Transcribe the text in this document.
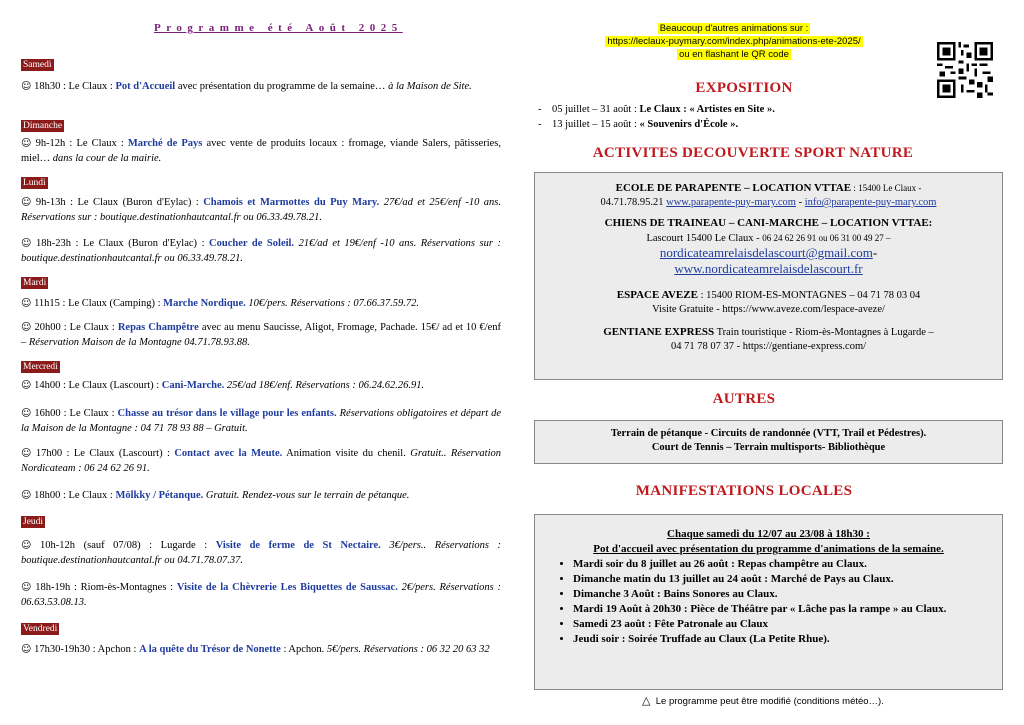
Programme été Août 2025
Samedi
☺ 18h30 : Le Claux : Pot d'Accueil avec présentation du programme de la semaine… à la Maison de Site.
Dimanche
☺ 9h-12h : Le Claux : Marché de Pays avec vente de produits locaux : fromage, viande Salers, pâtisseries, miel… dans la cour de la mairie.
Lundi
☺ 9h-13h : Le Claux (Buron d'Eylac) : Chamois et Marmottes du Puy Mary. 27€/ad et 25€/enf -10 ans. Réservations sur : boutique.destinationhautcantal.fr ou 06.33.49.78.21.
☺ 18h-23h : Le Claux (Buron d'Eylac) : Coucher de Soleil. 21€/ad et 19€/enf -10 ans. Réservations sur : boutique.destinationhautcantal.fr ou 06.33.49.78.21.
Mardi
☺ 11h15 : Le Claux (Camping) : Marche Nordique. 10€/pers. Réservations : 07.66.37.59.72.
☺ 20h00 : Le Claux : Repas Champêtre avec au menu Saucisse, Aligot, Fromage, Pachade. 15€/ ad et 10 €/enf – Réservation Maison de la Montagne 04.71.78.93.88.
Mercredi
☺ 14h00 : Le Claux (Lascourt) : Cani-Marche. 25€/ad 18€/enf. Réservations : 06.24.62.26.91.
☺ 16h00 : Le Claux : Chasse au trésor dans le village pour les enfants. Réservations obligatoires et départ de la Maison de la Montagne : 04 71 78 93 88 – Gratuit.
☺ 17h00 : Le Claux (Lascourt) : Contact avec la Meute. Animation visite du chenil. Gratuit.. Réservation Nordicateam : 06 24 62 26 91.
☺ 18h00 : Le Claux : Mölkky / Pétanque. Gratuit. Rendez-vous sur le terrain de pétanque.
Jeudi
☺ 10h-12h (sauf 07/08) : Lugarde : Visite de ferme de St Nectaire. 3€/pers.. Réservations : boutique.destinationhautcantal.fr ou 04.71.78.07.37.
☺ 18h-19h : Riom-ès-Montagnes : Visite de la Chèvrerie Les Biquettes de Saussac. 2€/pers. Réservations : 06.63.53.08.13.
Vendredi
☺ 17h30-19h30 : Apchon : A la quête du Trésor de Nonette : Apchon. 5€/pers. Réservations : 06 32 20 63 32
Beaucoup d'autres animations sur :
https://leclaux-puymary.com/index.php/animations-ete-2025/
ou en flashant le QR code
EXPOSITION
-    05 juillet – 31 août : Le Claux : « Artistes en Site ».
-    13 juillet – 15 août : « Souvenirs d'École ».
ACTIVITES DECOUVERTE SPORT NATURE
ECOLE DE PARAPENTE – LOCATION VTTAE : 15400 Le Claux -
04.71.78.95.21 www.parapente-puy-mary.com - info@parapente-puy-mary.com
CHIENS DE TRAINEAU – CANI-MARCHE – LOCATION VTTAE:
Lascourt 15400 Le Claux - 06 24 62 26 91 ou 06 31 00 49 27 –
nordicateamrelaisdelascourt@gmail.com-
www.nordicateamrelaisdelascourt.fr
ESPACE AVEZE : 15400 RIOM-ES-MONTAGNES – 04 71 78 03 04
Visite Gratuite - https://www.aveze.com/lespace-aveze/
GENTIANE EXPRESS Train touristique - Riom-ès-Montagnes à Lugarde –
04 71 78 07 37 - https://gentiane-express.com/
AUTRES
Terrain de pétanque - Circuits de randonnée (VTT, Trail et Pédestres).
Court de Tennis – Terrain multisports- Bibliothèque
MANIFESTATIONS LOCALES
Chaque samedi du 12/07 au 23/08 à 18h30 :
Pot d'accueil avec présentation du programme d'animations de la semaine.
• Mardi soir du 8 juillet au 26 août : Repas champêtre au Claux.
• Dimanche matin du 13 juillet au 24 août : Marché de Pays au Claux.
• Dimanche 3 Août : Bains Sonores au Claux.
• Mardi 19 Août à 20h30 : Pièce de Théâtre par « Lâche pas la rampe » au Claux.
• Samedi 23 août : Fête Patronale au Claux
• Jeudi soir : Soirée Truffade au Claux (La Petite Rhue).
△ Le programme peut être modifié (conditions météo…).
